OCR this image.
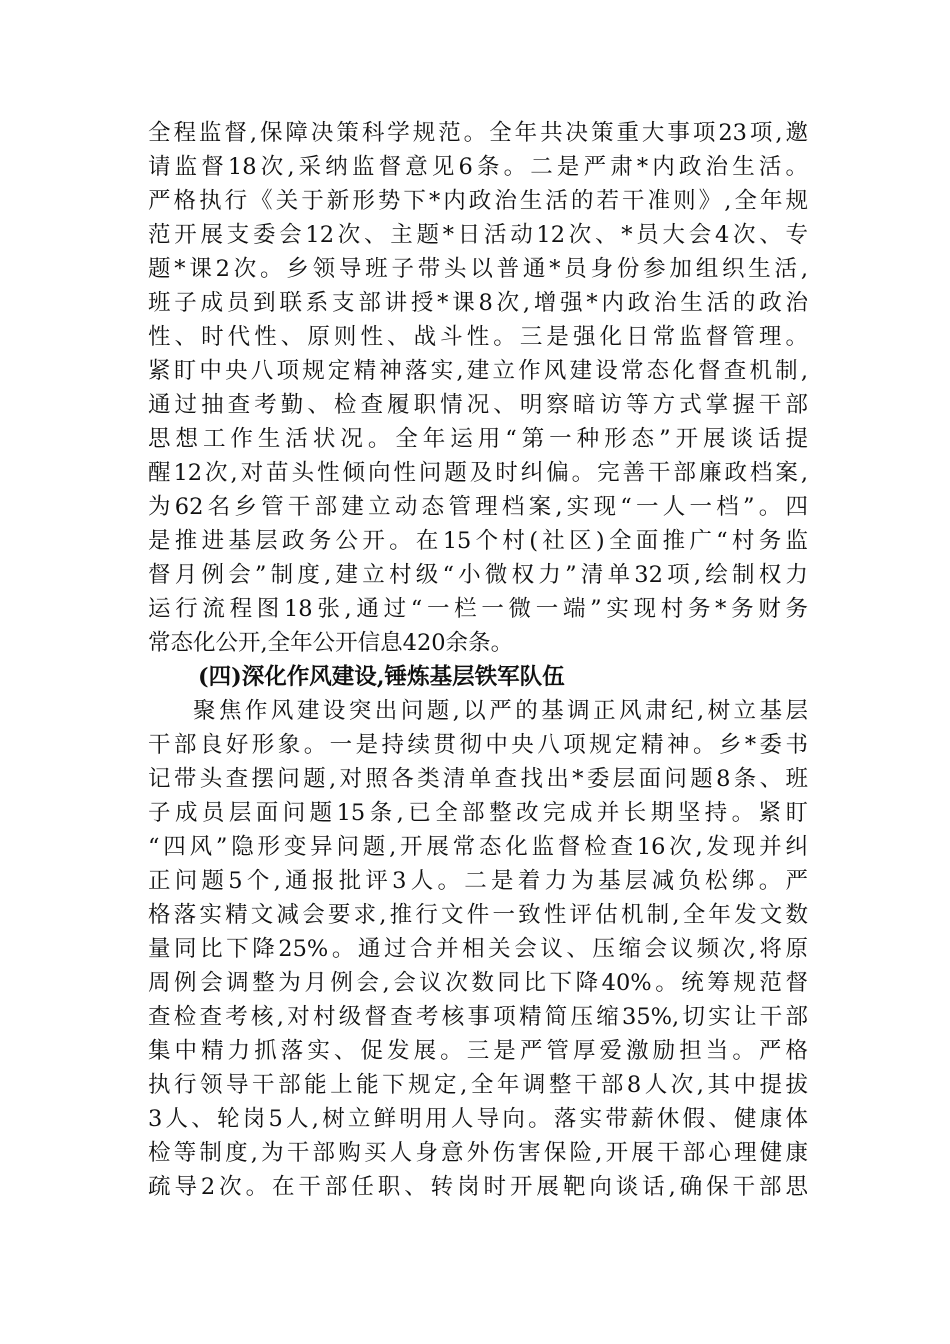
全程监督,保障决策科学规范。全年共决策重大事项23项,邀
请监督18次,采纳监督意见6条。二是严肃*内政治生活。
严格执行《关于新形势下*内政治生活的若干准则》,全年规
范开展支委会12次、主题*日活动12次、*员大会4次、专
题*课2次。乡领导班子带头以普通*员身份参加组织生活,
班子成员到联系支部讲授*课8次,增强*内政治生活的政治
性、时代性、原则性、战斗性。三是强化日常监督管理。
紧盯中央八项规定精神落实,建立作风建设常态化督查机制,
通过抽查考勤、检查履职情况、明察暗访等方式掌握干部
思想工作生活状况。全年运用“第一种形态”开展谈话提
醒12次,对苗头性倾向性问题及时纠偏。完善干部廉政档案,
为62名乡管干部建立动态管理档案,实现“一人一档”。四
是推进基层政务公开。在15个村(社区)全面推广“村务监
督月例会”制度,建立村级“小微权力”清单32项,绘制权力
运行流程图18张,通过“一栏一微一端”实现村务*务财务
常态化公开,全年公开信息420余条。
(四)深化作风建设,锤炼基层铁军队伍
聚焦作风建设突出问题,以严的基调正风肃纪,树立基层
干部良好形象。一是持续贯彻中央八项规定精神。乡*委书
记带头查摆问题,对照各类清单查找出*委层面问题8条、班
子成员层面问题15条,已全部整改完成并长期坚持。紧盯
“四风”隐形变异问题,开展常态化监督检查16次,发现并纠
正问题5个,通报批评3人。二是着力为基层减负松绑。严
格落实精文减会要求,推行文件一致性评估机制,全年发文数
量同比下降25%。通过合并相关会议、压缩会议频次,将原
周例会调整为月例会,会议次数同比下降40%。统筹规范督
查检查考核,对村级督查考核事项精简压缩35%,切实让干部
集中精力抓落实、促发展。三是严管厚爱激励担当。严格
执行领导干部能上能下规定,全年调整干部8人次,其中提拔
3人、轮岗5人,树立鲜明用人导向。落实带薪休假、健康体
检等制度,为干部购买人身意外伤害保险,开展干部心理健康
疏导2次。在干部任职、转岗时开展靶向谈话,确保干部思
